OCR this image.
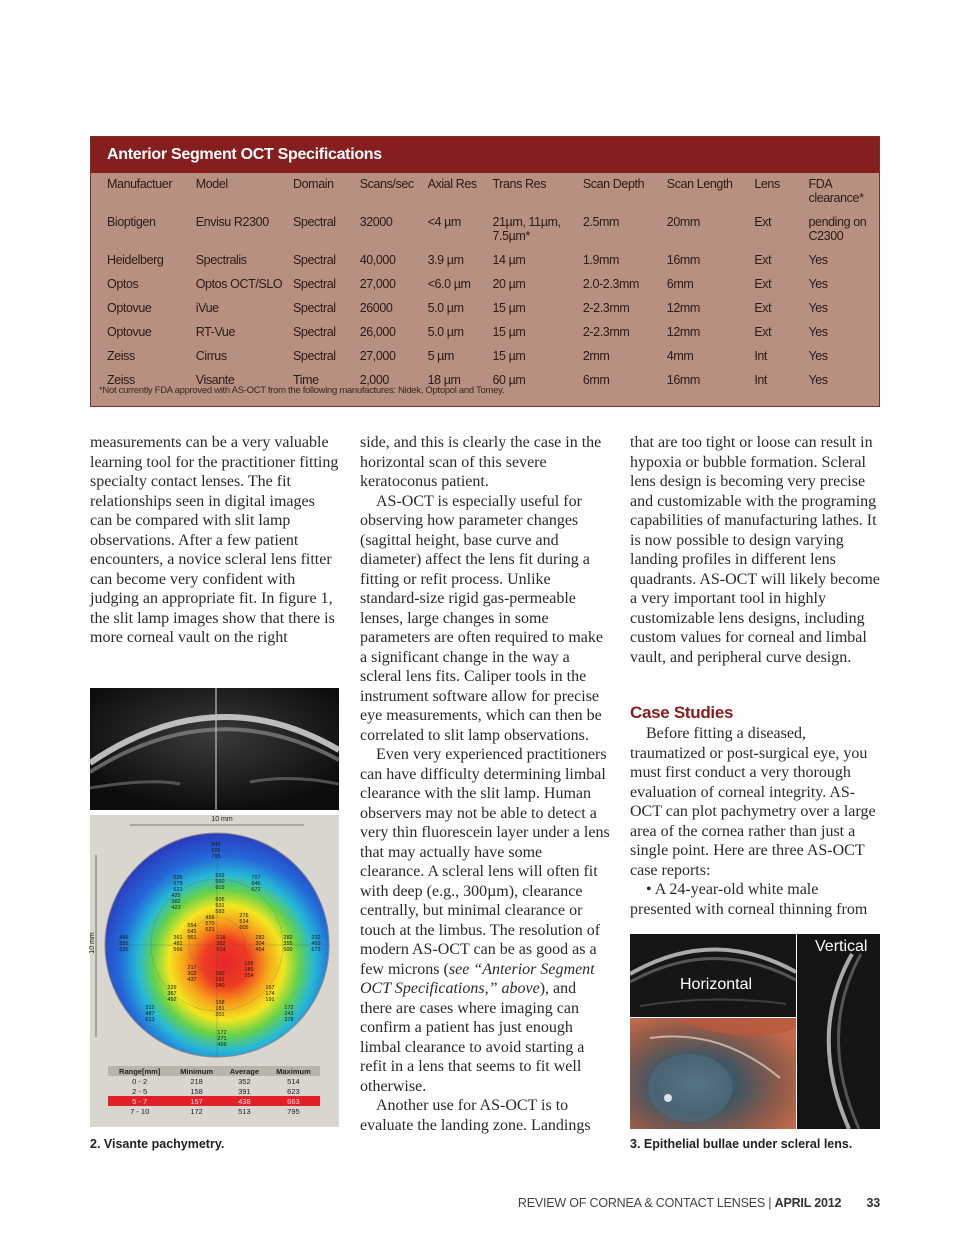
Anterior Segment OCT Specifications
Manufactuer	Model	Domain	Scans/sec	Axial Res	Trans Res	Scan Depth	Scan Length	Lens	FDA clearance*
Bioptigen	Envisu R2300	Spectral	32000	<4 µm	21µm, 11µm, 7.5µm*	2.5mm	20mm	Ext	pending on C2300
Heidelberg	Spectralis	Spectral	40,000	3.9 µm	14 µm	1.9mm	16mm	Ext	Yes
Optos	Optos OCT/SLO	Spectral	27,000	<6.0 µm	20 µm	2.0-2.3mm	6mm	Ext	Yes
Optovue	iVue	Spectral	26000	5.0 µm	15 µm	2-2.3mm	12mm	Ext	Yes
Optovue	RT-Vue	Spectral	26,000	5.0 µm	15 µm	2-2.3mm	12mm	Ext	Yes
Zeiss	Cirrus	Spectral	27,000	5 µm	15 µm	2mm	4mm	Int	Yes
Zeiss	Visante	Time	2,000	18 µm	60 µm	6mm	16mm	Int	Yes
*Not currently FDA approved with AS-OCT from the following manufactures: Nidek, Optopol and Tomey.

measurements can be a very valuable learning tool for the practitioner fitting specialty contact lenses. The fit relationships seen in digital images can be compared with slit lamp observations. After a few patient encounters, a novice scleral lens fitter can become very confident with judging an appropriate fit. In figure 1, the slit lamp images show that there is more corneal vault on the right

10 mm
10 mm
846
699
795
626
579
621
593
560
603
707
646
672
605
531
583
425
382
423
554
541
561
276
514
605
456
570
621
446
555
635
361
481
566
218
352
514
282
304
454
282
355
500
232
469
673
217
302
437
158
186
254
160
191
240	157
174
191
229
367
492
312
487
613
158
181
201
172
243
378
172
271
466
Range[mm]	Minimum	Average	Maximum
0 - 2	218	352	514
2 - 5	158	391	623
5 - 7	157	438	663
7 - 10	172	513	795
2. Visante pachymetry.

side, and this is clearly the case in the horizontal scan of this severe keratoconus patient.

AS-OCT is especially useful for observing how parameter changes (sagittal height, base curve and diameter) affect the lens fit during a fitting or refit process. Unlike standard-size rigid gas-permeable lenses, large changes in some parameters are often required to make a significant change in the way a scleral lens fits. Caliper tools in the instrument software allow for precise eye measurements, which can then be correlated to slit lamp observations.

Even very experienced practitioners can have difficulty determining limbal clearance with the slit lamp. Human observers may not be able to detect a very thin fluorescein layer under a lens that may actually have some clearance. A scleral lens will often fit with deep (e.g., 300µm), clearance centrally, but minimal clearance or touch at the limbus. The resolution of modern AS-OCT can be as good as a few microns (see “Anterior Segment OCT Specifications,” above), and there are cases where imaging can confirm a patient has just enough limbal clearance to avoid starting a refit in a lens that seems to fit well otherwise.

Another use for AS-OCT is to evaluate the landing zone. Landings

that are too tight or loose can result in hypoxia or bubble formation. Scleral lens design is becoming very precise and customizable with the programing capabilities of manufacturing lathes. It is now possible to design varying landing profiles in different lens quadrants. AS-OCT will likely become a very important tool in highly customizable lens designs, including custom values for corneal and limbal vault, and peripheral curve design.

Case Studies

Before fitting a diseased, traumatized or post-surgical eye, you must first conduct a very thorough evaluation of corneal integrity. AS-OCT can plot pachymetry over a large area of the cornea rather than just a single point. Here are three AS-OCT case reports:

• A 24-year-old white male presented with corneal thinning from

Horizontal
Vertical
3. Epithelial bullae under scleral lens.
REVIEW OF CORNEA & CONTACT LENSES | APRIL 2012 33
